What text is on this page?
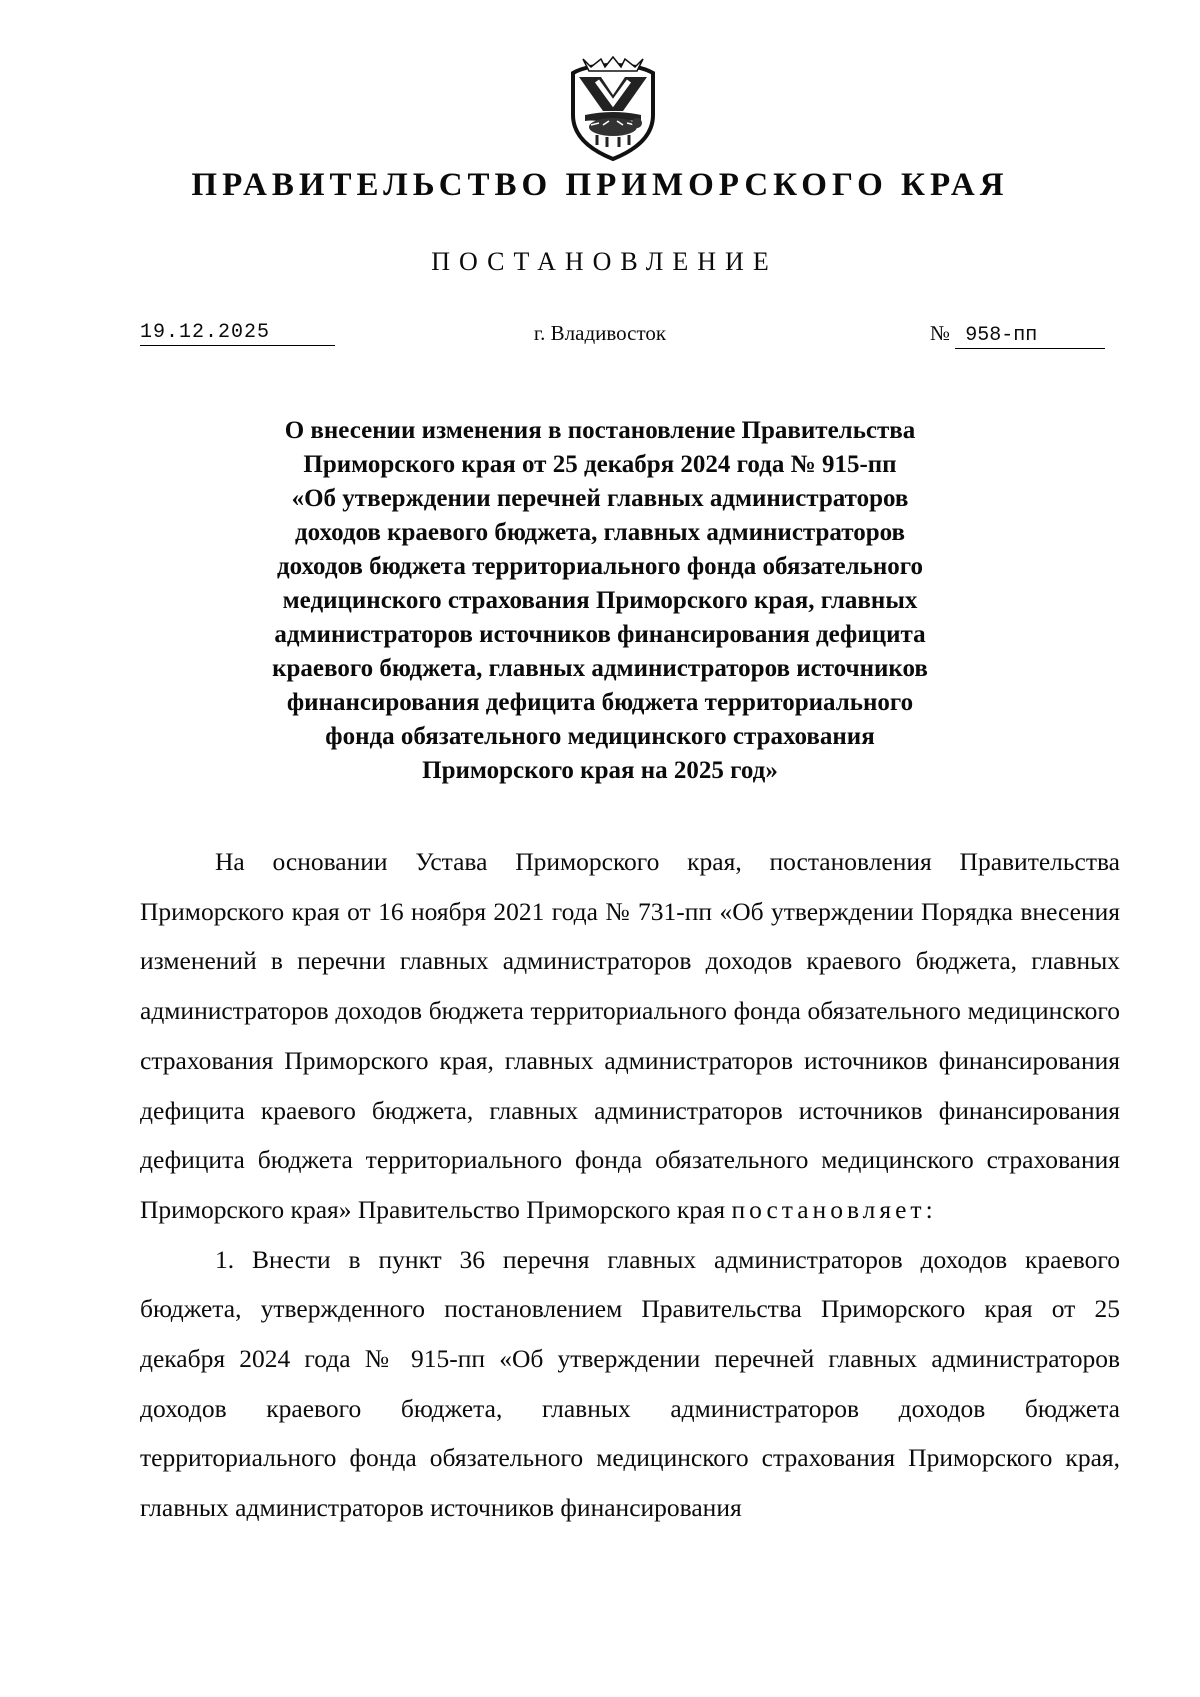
ПРАВИТЕЛЬСТВО ПРИМОРСКОГО КРАЯ
ПОСТАНОВЛЕНИЕ
19.12.2025	г. Владивосток	№ 958-пп
О внесении изменения в постановление Правительства
Приморского края от 25 декабря 2024 года № 915-пп
«Об утверждении перечней главных администраторов
доходов краевого бюджета, главных администраторов
доходов бюджета территориального фонда обязательного
медицинского страхования Приморского края, главных
администраторов источников финансирования дефицита
краевого бюджета, главных администраторов источников
финансирования дефицита бюджета территориального
фонда обязательного медицинского страхования
Приморского края на 2025 год»

На основании Устава Приморского края, постановления Правительства Приморского края от 16 ноября 2021 года № 731-пп «Об утверждении Порядка внесения изменений в перечни главных администраторов доходов краевого бюджета, главных администраторов доходов бюджета территориального фонда обязательного медицинского страхования Приморского края, главных администраторов источников финансирования дефицита краевого бюджета, главных администраторов источников финансирования дефицита бюджета территориального фонда обязательного медицинского страхования Приморского края» Правительство Приморского края постановляет:

1. Внести в пункт 36 перечня главных администраторов доходов краевого бюджета, утвержденного постановлением Правительства Приморского края от 25 декабря 2024 года № 915-пп «Об утверждении перечней главных администраторов доходов краевого бюджета, главных администраторов доходов бюджета территориального фонда обязательного медицинского страхования Приморского края, главных администраторов источников финансирования
